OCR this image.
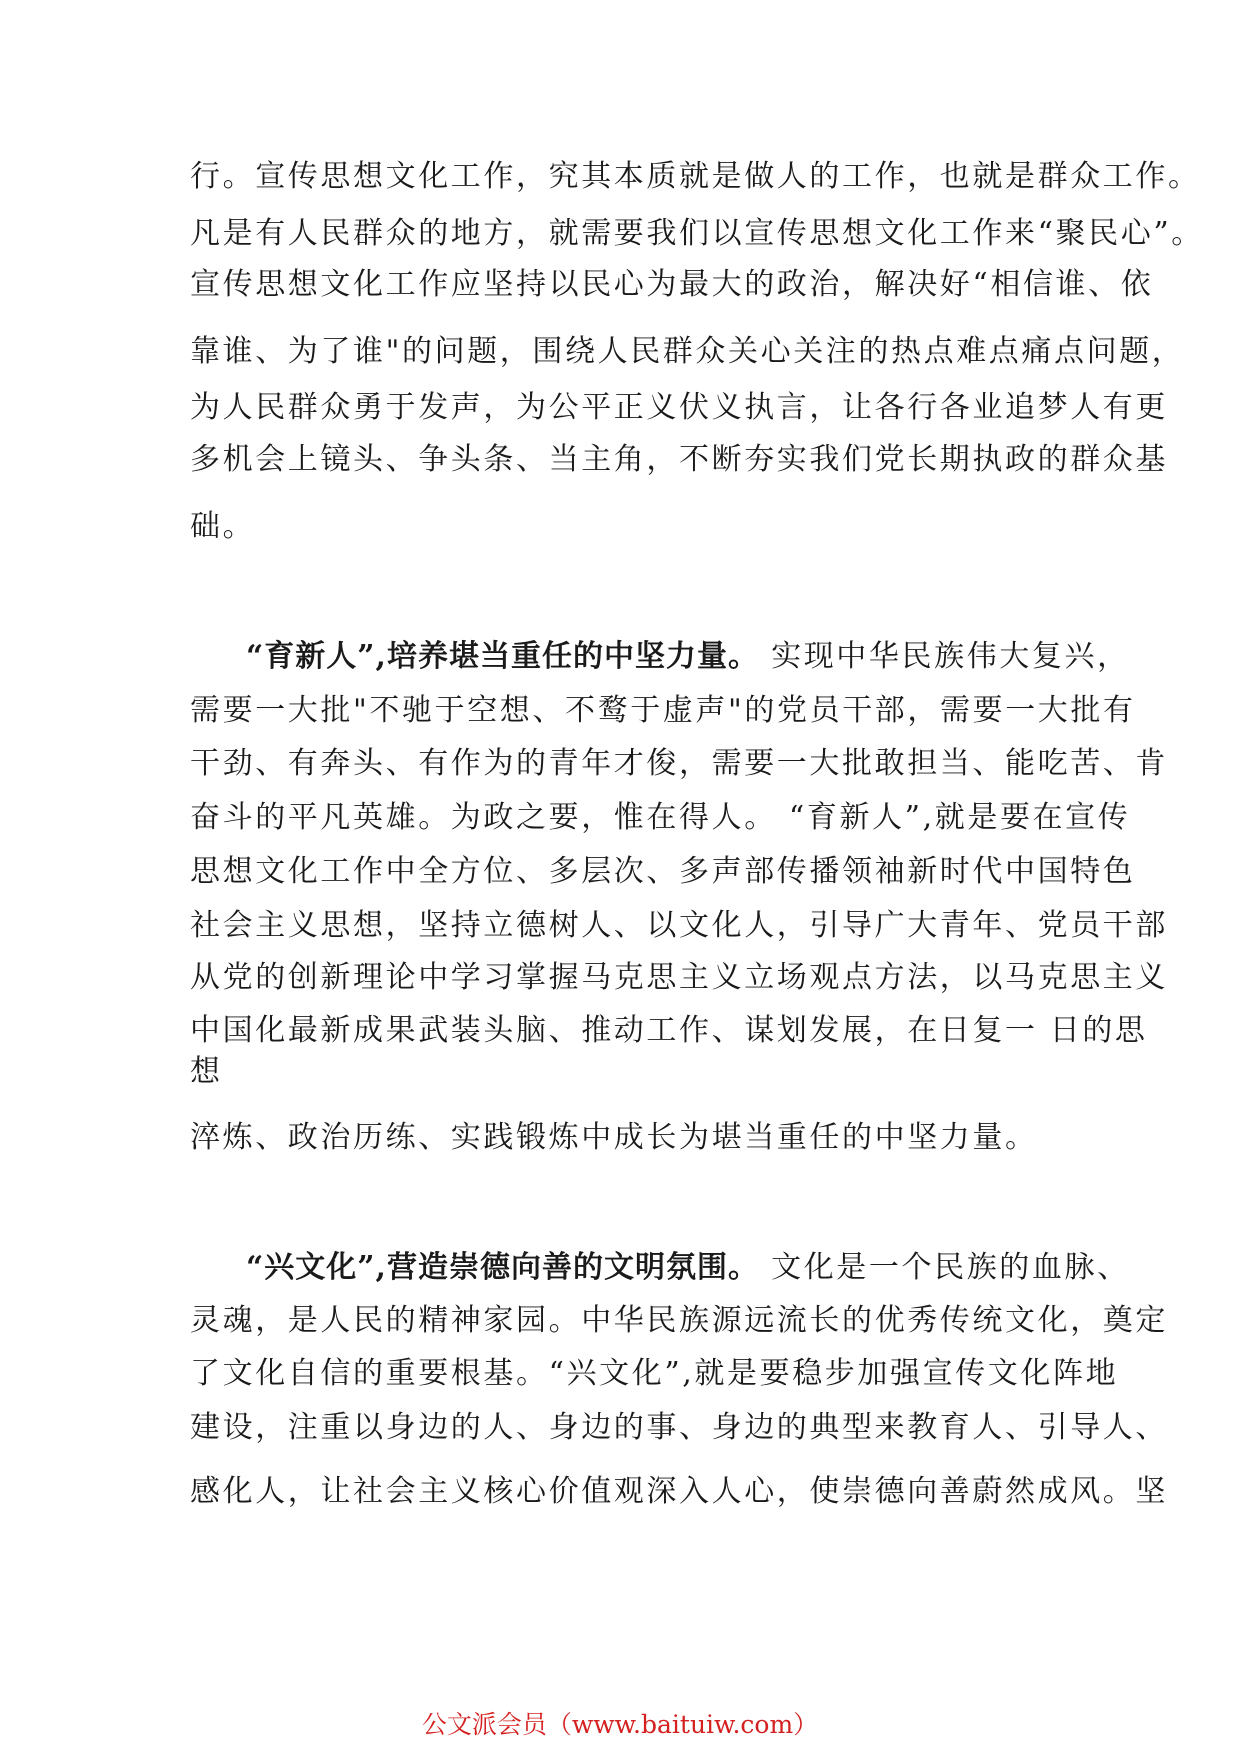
行。宣传思想文化工作，究其本质就是做人的工作，也就是群众工作。

凡是有人民群众的地方，就需要我们以宣传思想文化工作来“聚民心”。

宣传思想文化工作应坚持以民心为最大的政治，解决好“相信谁、依

靠谁、为了谁"的问题，围绕人民群众关心关注的热点难点痛点问题，

为人民群众勇于发声，为公平正义伏义执言，让各行各业追梦人有更

多机会上镜头、争头条、当主角，不断夯实我们党长期执政的群众基

础。

“育新人”,培养堪当重任的中坚力量。 实现中华民族伟大复兴，

需要一大批"不驰于空想、不鹜于虚声"的党员干部，需要一大批有

干劲、有奔头、有作为的青年才俊，需要一大批敢担当、能吃苦、肯

奋斗的平凡英雄。为政之要，惟在得人。 “育新人”,就是要在宣传

思想文化工作中全方位、多层次、多声部传播领袖新时代中国特色

社会主义思想，坚持立德树人、以文化人，引导广大青年、党员干部

从党的创新理论中学习掌握马克思主义立场观点方法，以马克思主义

中国化最新成果武装头脑、推动工作、谋划发展，在日复一 日的思

想

淬炼、政治历练、实践锻炼中成长为堪当重任的中坚力量。

“兴文化”,营造崇德向善的文明氛围。 文化是一个民族的血脉、

灵魂，是人民的精神家园。中华民族源远流长的优秀传统文化，奠定

了文化自信的重要根基。“兴文化”,就是要稳步加强宣传文化阵地

建设，注重以身边的人、身边的事、身边的典型来教育人、引导人、

感化人，让社会主义核心价值观深入人心，使崇德向善蔚然成风。坚

公文派会员（www.baituiw.com）
